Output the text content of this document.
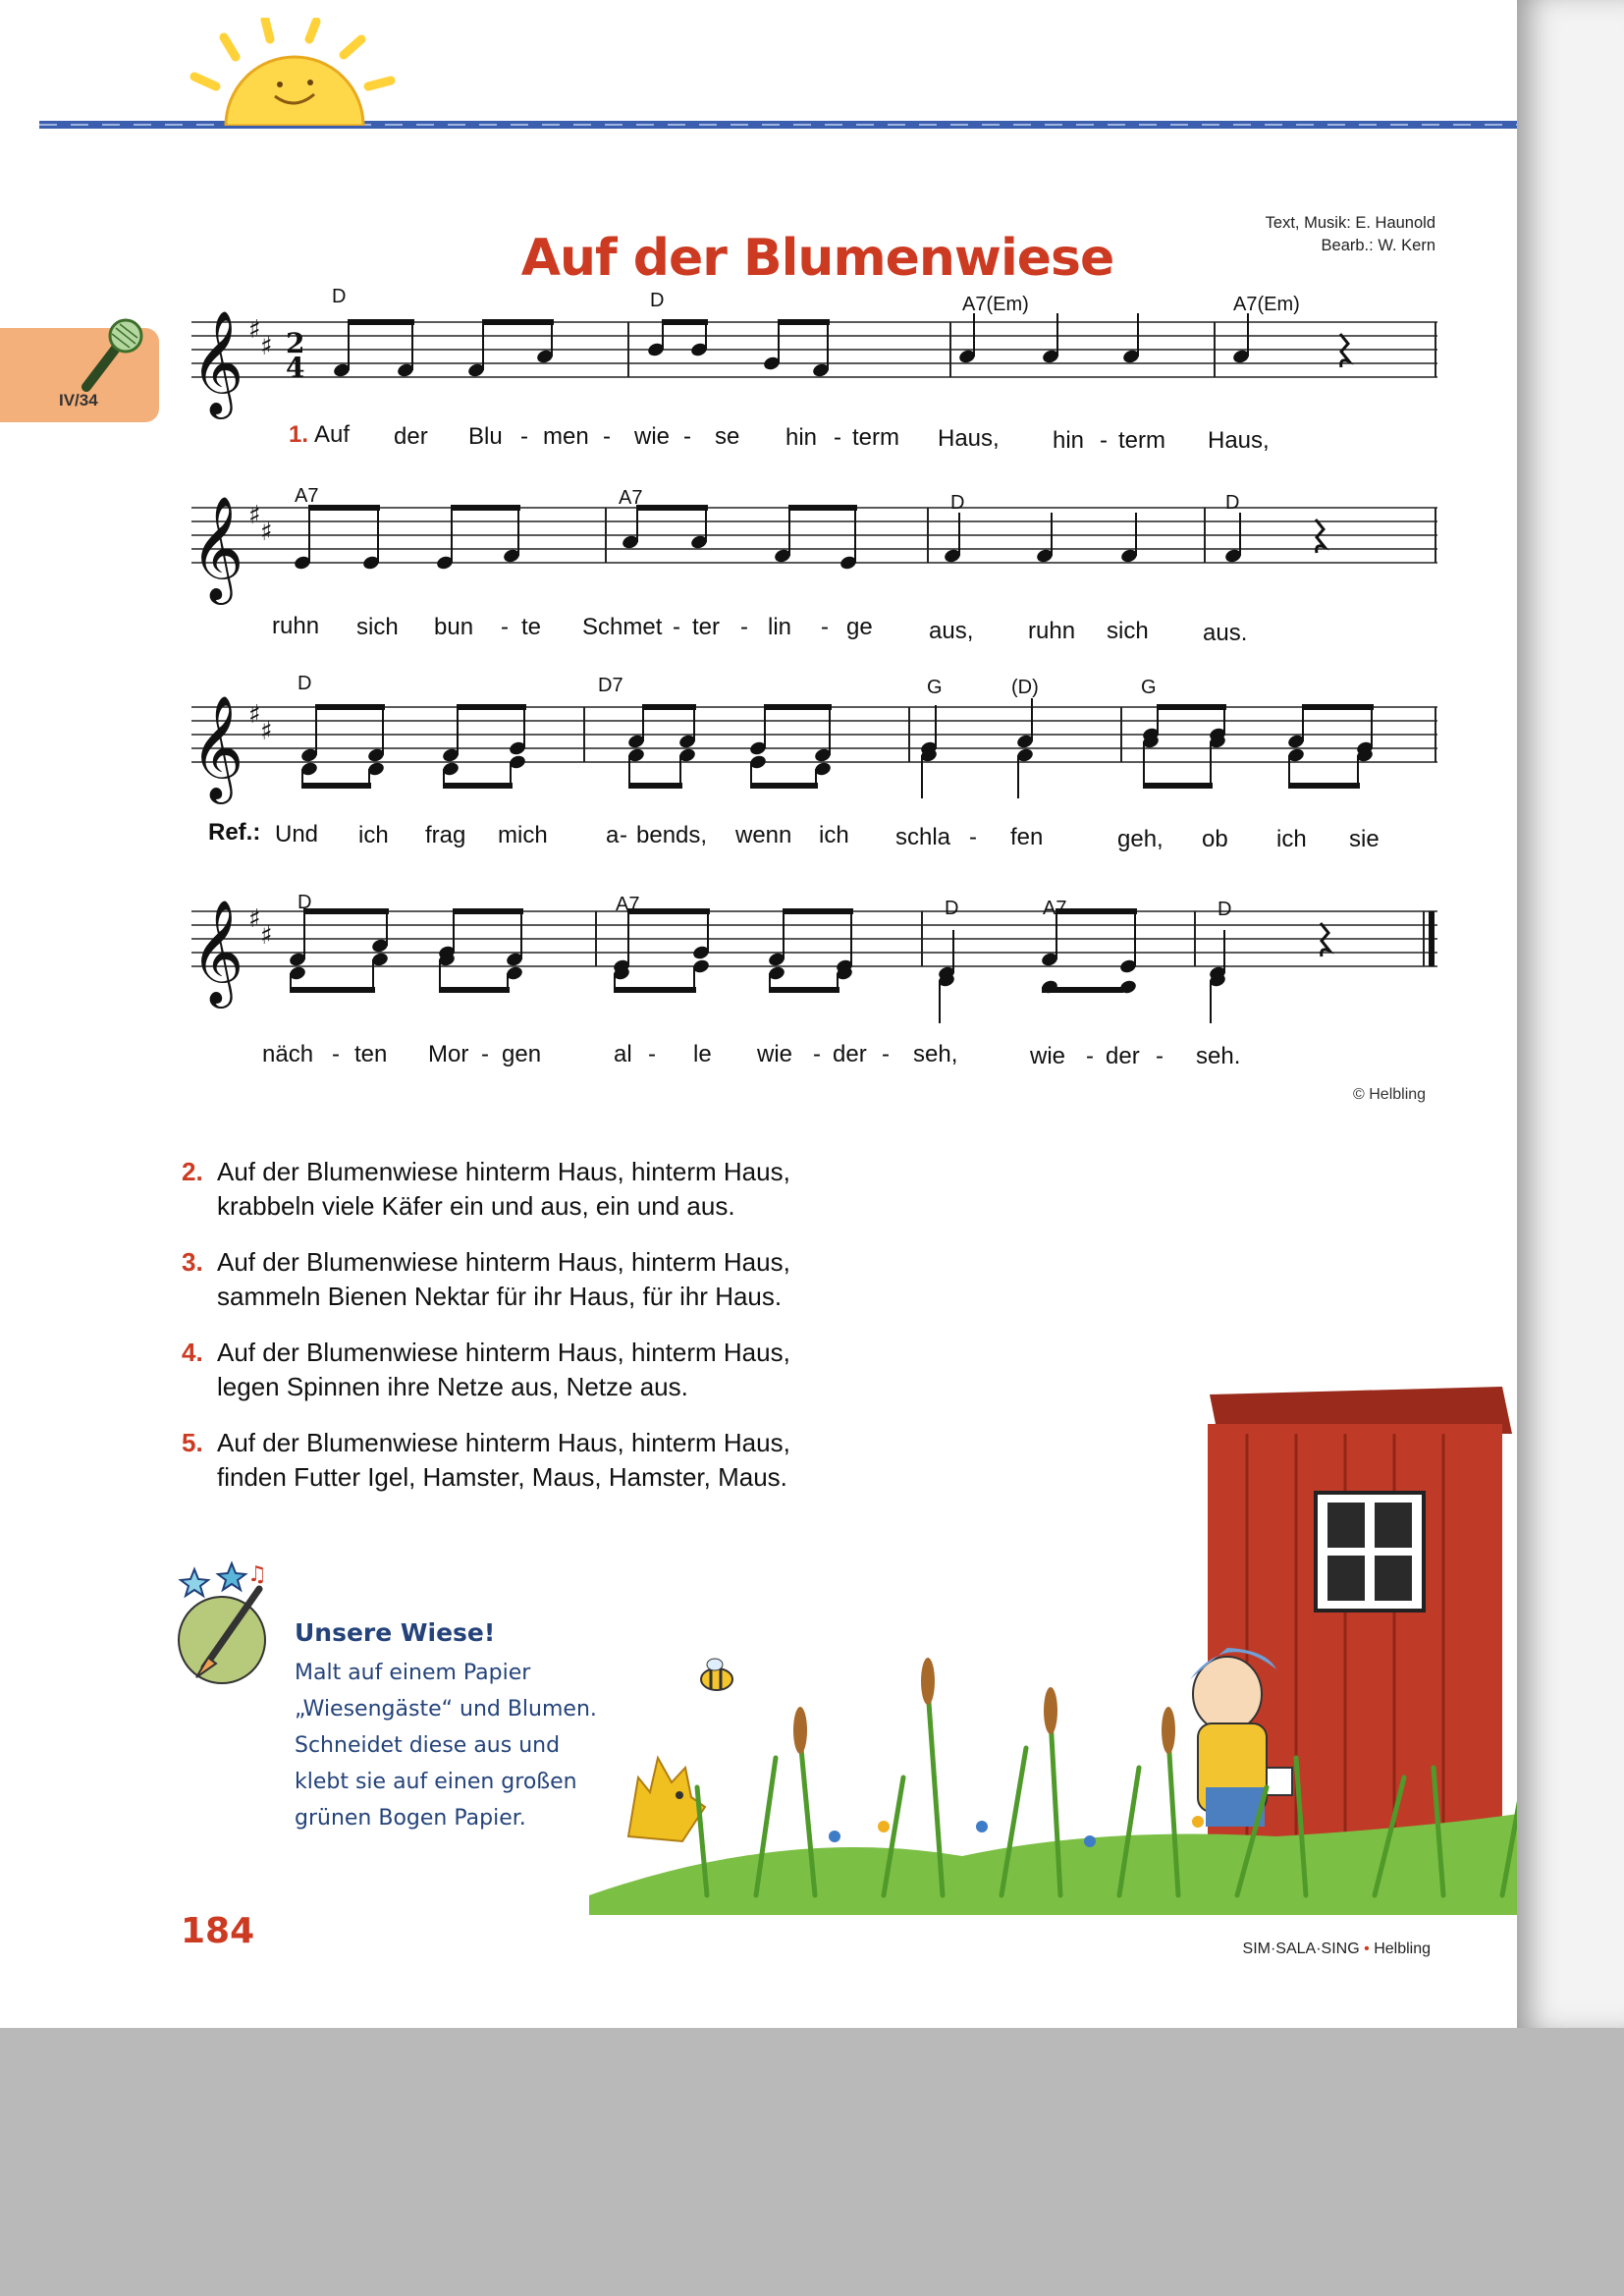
Auf der Blumenwiese
Text, Musik: E. Haunold
Bearb.: W. Kern
IV/34 𝄞
𝄞
𝄞
𝄞
♯
♯
♯
♯
♯
♯
♯
♯
2
4
D	D	A7(Em)	A7(Em)
A7	A7	D	D
D	D7	G	(D)	G
D	A7	D	A7	D
1.
Ref.:
Auf der Blu - men - wie - se hin - term Haus, hin - term Haus,
ruhn sich bun - te Schmet - ter - lin - ge aus, ruhn sich aus.
Und ich frag mich a - bends, wenn ich schla - fen	geh, ob ich sie
näch - ten Mor - gen	al - le wie - der - seh,	wie - der - seh.
© Helbling
2. Auf der Blumenwiese hinterm Haus, hinterm Haus,
krabbeln viele Käfer ein und aus, ein und aus.
3. Auf der Blumenwiese hinterm Haus, hinterm Haus,
sammeln Bienen Nektar für ihr Haus, für ihr Haus.
4. Auf der Blumenwiese hinterm Haus, hinterm Haus,
legen Spinnen ihre Netze aus, Netze aus.
5. Auf der Blumenwiese hinterm Haus, hinterm Haus,
finden Futter Igel, Hamster, Maus, Hamster, Maus.
♫
Unsere Wiese!
Malt auf einem Papier
„Wiesengäste“ und Blumen.
Schneidet diese aus und
klebt sie auf einen großen
grünen Bogen Papier.
184	SIM·SALA·SING • Helbling
